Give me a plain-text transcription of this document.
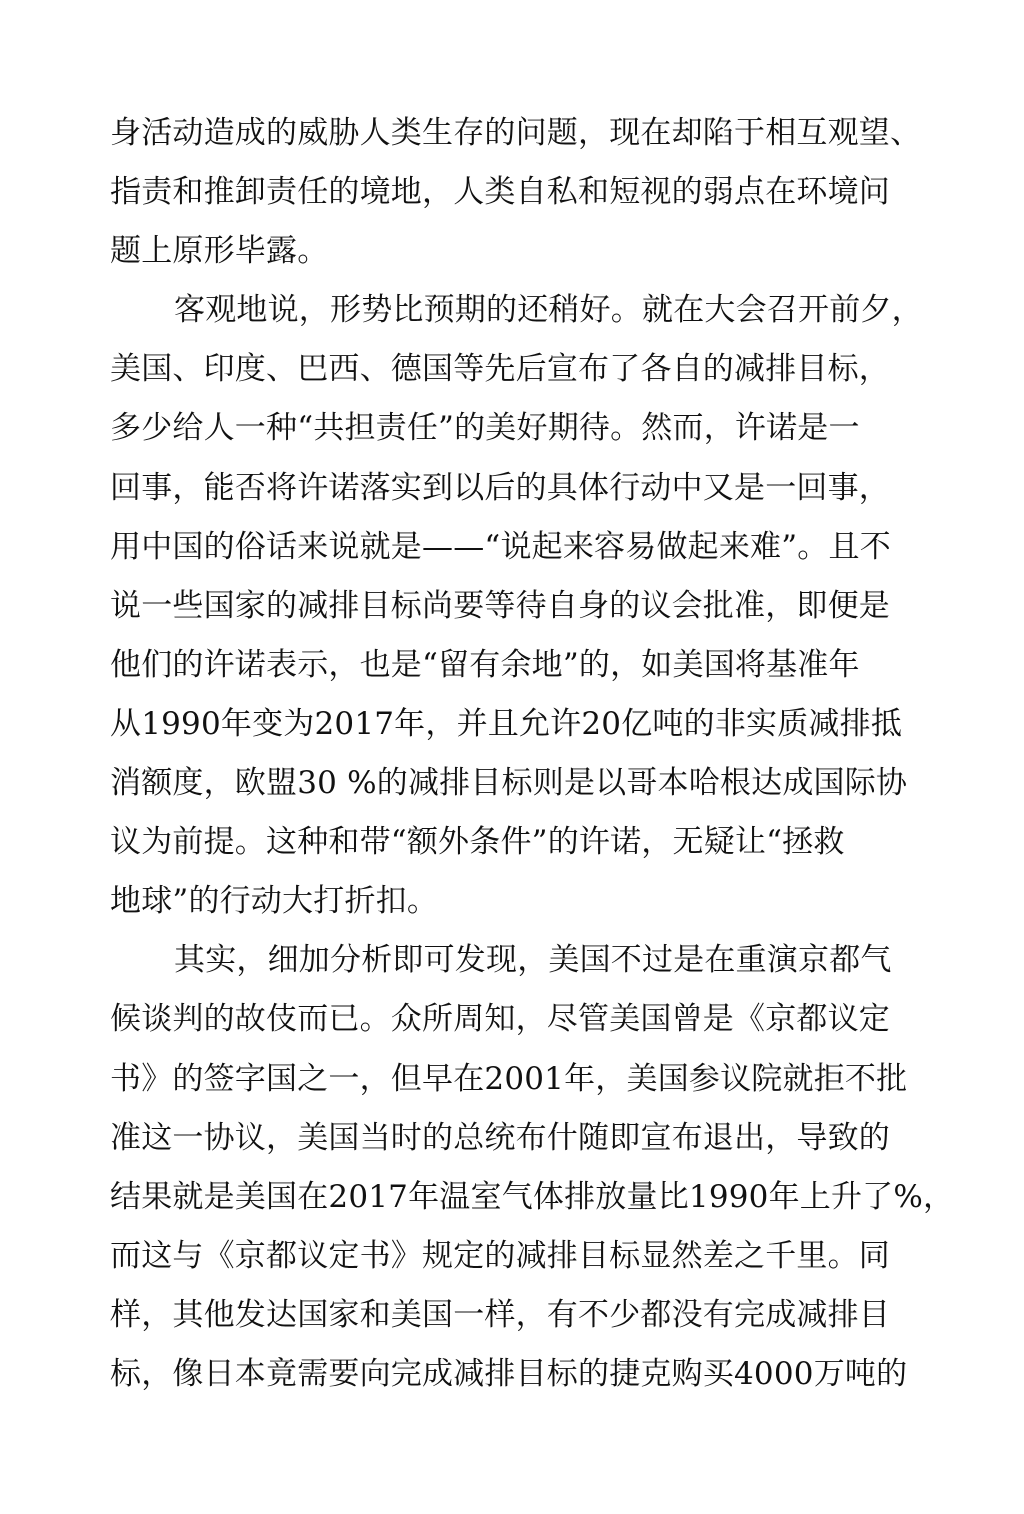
身活动造成的威胁人类生存的问题，现在却陷于相互观望、
指责和推卸责任的境地，人类自私和短视的弱点在环境问
题上原形毕露。
客观地说，形势比预期的还稍好。就在大会召开前夕，
美国、印度、巴西、德国等先后宣布了各自的减排目标，
多少给人一种“共担责任”的美好期待。然而，许诺是一
回事，能否将许诺落实到以后的具体行动中又是一回事，
用中国的俗话来说就是——“说起来容易做起来难”。且不
说一些国家的减排目标尚要等待自身的议会批准，即便是
他们的许诺表示，也是“留有余地”的，如美国将基准年
从1990年变为2017年，并且允许20亿吨的非实质减排抵
消额度，欧盟30 %的减排目标则是以哥本哈根达成国际协
议为前提。这种和带“额外条件”的许诺，无疑让“拯救
地球”的行动大打折扣。
其实，细加分析即可发现，美国不过是在重演京都气
候谈判的故伎而已。众所周知，尽管美国曾是《京都议定
书》的签字国之一，但早在2001年，美国参议院就拒不批
准这一协议，美国当时的总统布什随即宣布退出，导致的
结果就是美国在2017年温室气体排放量比1990年上升了%，
而这与《京都议定书》规定的减排目标显然差之千里。同
样，其他发达国家和美国一样，有不少都没有完成减排目
标，像日本竟需要向完成减排目标的捷克购买4000万吨的
